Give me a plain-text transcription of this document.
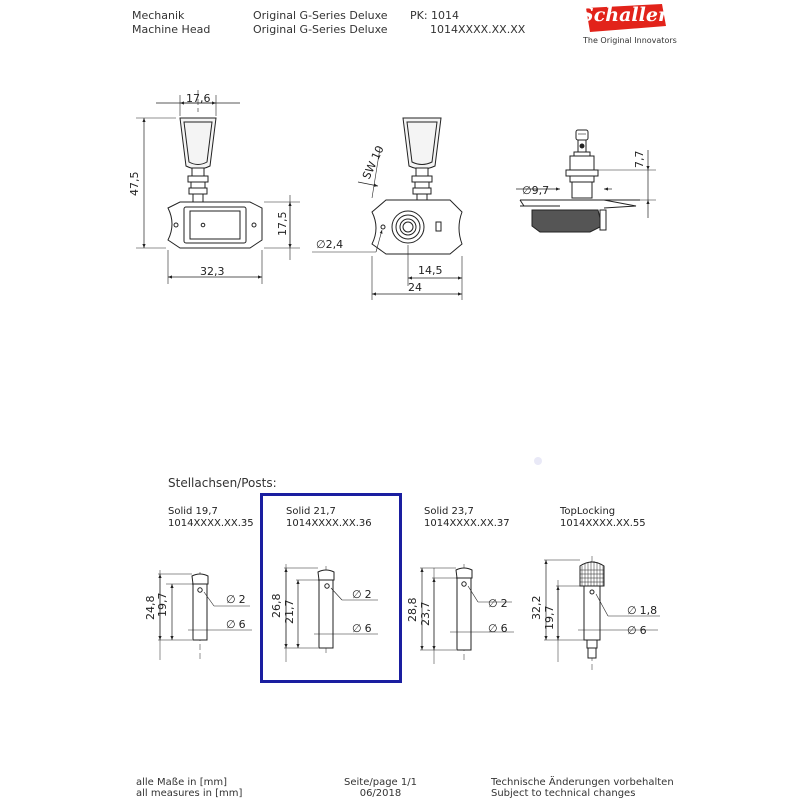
Mechanik
Machine Head
Original G-Series Deluxe
Original G-Series Deluxe
PK: 1014
1014XXXX.XX.XX
Schaller
The Original Innovators
17,6
47,5
17,5
32,3
SW 10
∅2,4
14,5
24
∅9,7
7,7
24,8 19,7	∅ 2
∅ 6
26,8 21,7
∅ 2
∅ 6
28,8 23,7	∅ 2
∅ 6
32,2 19,7	∅ 1,8
∅ 6
Stellachsen/Posts:
Solid 19,7
1014XXXX.XX.35
Solid 21,7
1014XXXX.XX.36
Solid 23,7
1014XXXX.XX.37
TopLocking
1014XXXX.XX.55
alle Maße in [mm]
all measures in [mm]
Seite/page 1/1
06/2018
Technische Änderungen vorbehalten
Subject to technical changes
